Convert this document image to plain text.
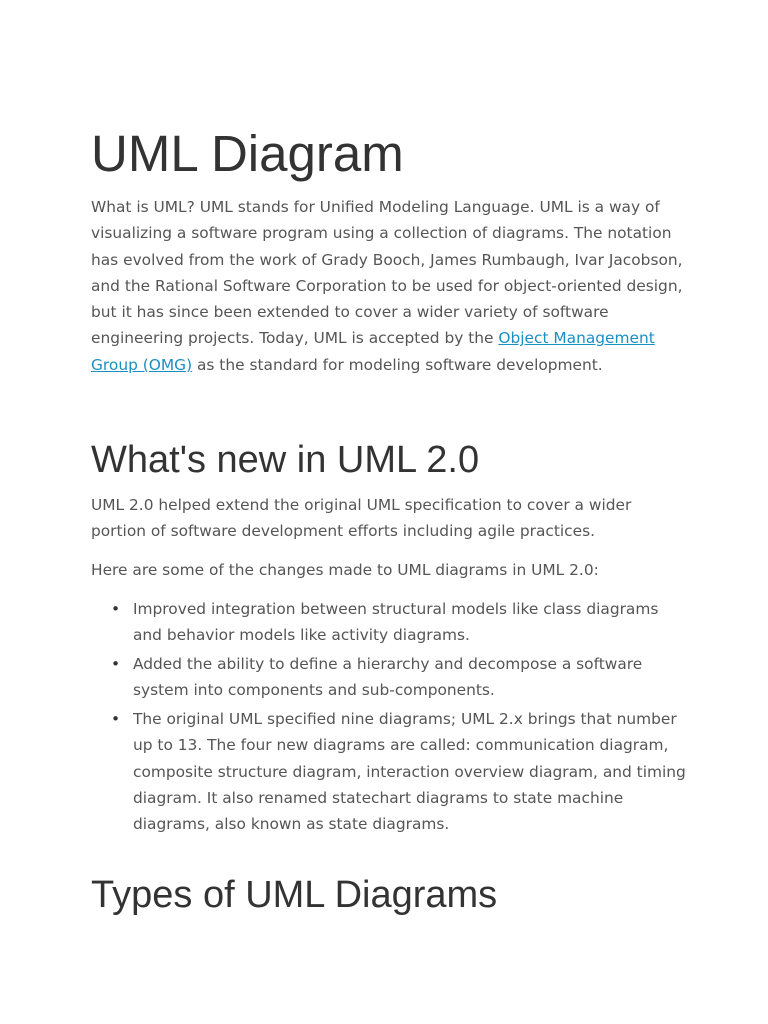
UML Diagram

What is UML? UML stands for Unified Modeling Language. UML is a way of visualizing a software program using a collection of diagrams. The notation has evolved from the work of Grady Booch, James Rumbaugh, Ivar Jacobson, and the Rational Software Corporation to be used for object-oriented design, but it has since been extended to cover a wider variety of software engineering projects. Today, UML is accepted by the Object Management Group (OMG) as the standard for modeling software development.

What's new in UML 2.0

UML 2.0 helped extend the original UML specification to cover a wider portion of software development efforts including agile practices.

Here are some of the changes made to UML diagrams in UML 2.0:

• Improved integration between structural models like class diagrams and behavior models like activity diagrams.
• Added the ability to define a hierarchy and decompose a software system into components and sub-components.
• The original UML specified nine diagrams; UML 2.x brings that number up to 13. The four new diagrams are called: communication diagram, composite structure diagram, interaction overview diagram, and timing diagram. It also renamed statechart diagrams to state machine diagrams, also known as state diagrams.
Types of UML Diagrams
